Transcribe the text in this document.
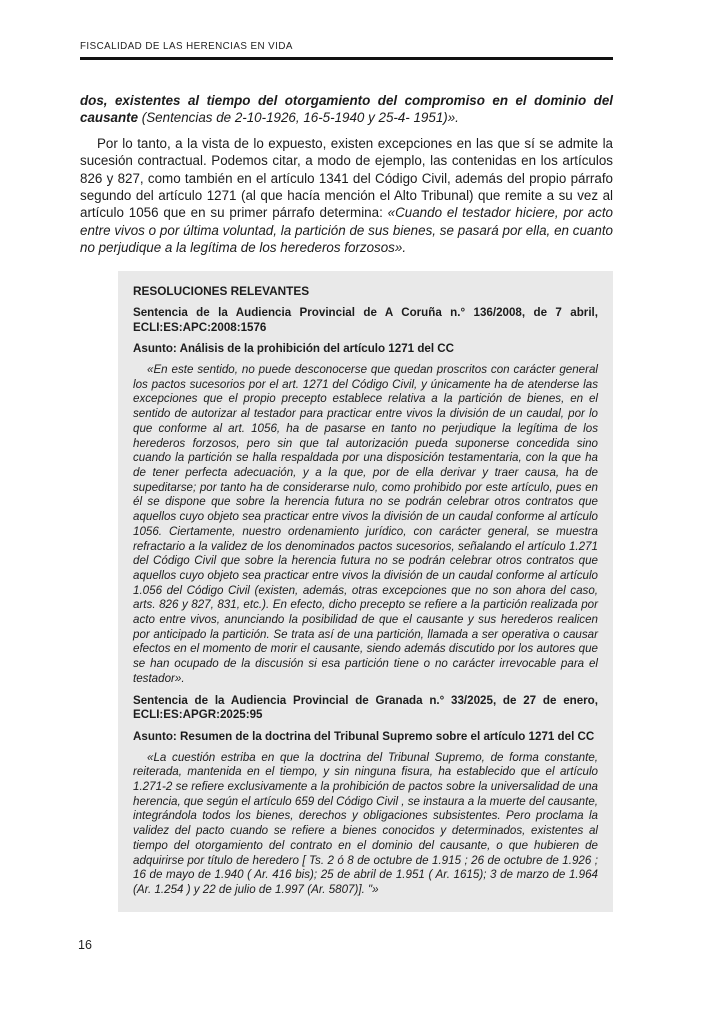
FISCALIDAD DE LAS HERENCIAS EN VIDA

dos, existentes al tiempo del otorgamiento del compromiso en el dominio del causante (Sentencias de 2-10-1926, 16-5-1940 y 25-4- 1951)».

Por lo tanto, a la vista de lo expuesto, existen excepciones en las que sí se admite la sucesión contractual. Podemos citar, a modo de ejemplo, las contenidas en los artículos 826 y 827, como también en el artículo 1341 del Código Civil, además del propio párrafo segundo del artículo 1271 (al que hacía mención el Alto Tribunal) que remite a su vez al artículo 1056 que en su primer párrafo determina: «Cuando el testador hiciere, por acto entre vivos o por última voluntad, la partición de sus bienes, se pasará por ella, en cuanto no perjudique a la legítima de los herederos forzosos».

RESOLUCIONES RELEVANTES

Sentencia de la Audiencia Provincial de A Coruña n.° 136/2008, de 7 abril, ECLI:ES:APC:2008:1576

Asunto: Análisis de la prohibición del artículo 1271 del CC

«En este sentido, no puede desconocerse que quedan proscritos con carácter general los pactos sucesorios por el art. 1271 del Código Civil, y únicamente ha de atenderse las excepciones que el propio precepto establece relativa a la partición de bienes, en el sentido de autorizar al testador para practicar entre vivos la división de un caudal, por lo que conforme al art. 1056, ha de pasarse en tanto no perjudique la legítima de los herederos forzosos, pero sin que tal autorización pueda suponerse concedida sino cuando la partición se halla respaldada por una disposición testamentaria, con la que ha de tener perfecta adecuación, y a la que, por de ella derivar y traer causa, ha de supeditarse; por tanto ha de considerarse nulo, como prohibido por este artículo, pues en él se dispone que sobre la herencia futura no se podrán celebrar otros contratos que aquellos cuyo objeto sea practicar entre vivos la división de un caudal conforme al artículo 1056. Ciertamente, nuestro ordenamiento jurídico, con carácter general, se muestra refractario a la validez de los denominados pactos sucesorios, señalando el artículo 1.271 del Código Civil que sobre la herencia futura no se podrán celebrar otros contratos que aquellos cuyo objeto sea practicar entre vivos la división de un caudal conforme al artículo 1.056 del Código Civil (existen, además, otras excepciones que no son ahora del caso, arts. 826 y 827, 831, etc.). En efecto, dicho precepto se refiere a la partición realizada por acto entre vivos, anunciando la posibilidad de que el causante y sus herederos realicen por anticipado la partición. Se trata así de una partición, llamada a ser operativa o causar efectos en el momento de morir el causante, siendo además discutido por los autores que se han ocupado de la discusión si esa partición tiene o no carácter irrevocable para el testador».

Sentencia de la Audiencia Provincial de Granada n.° 33/2025, de 27 de enero, ECLI:ES:APGR:2025:95

Asunto: Resumen de la doctrina del Tribunal Supremo sobre el artículo 1271 del CC

«La cuestión estriba en que la doctrina del Tribunal Supremo, de forma constante, reiterada, mantenida en el tiempo, y sin ninguna fisura, ha establecido que el artículo 1.271-2 se refiere exclusivamente a la prohibición de pactos sobre la universalidad de una herencia, que según el artículo 659 del Código Civil , se instaura a la muerte del causante, integrándola todos los bienes, derechos y obligaciones subsistentes. Pero proclama la validez del pacto cuando se refiere a bienes conocidos y determinados, existentes al tiempo del otorgamiento del contrato en el dominio del causante, o que hubieren de adquirirse por título de heredero [ Ts. 2 ó 8 de octubre de 1.915 ; 26 de octubre de 1.926 ; 16 de mayo de 1.940 ( Ar. 416 bis); 25 de abril de 1.951 ( Ar. 1615); 3 de marzo de 1.964 (Ar. 1.254 ) y 22 de julio de 1.997 (Ar. 5807)]. "»

16
